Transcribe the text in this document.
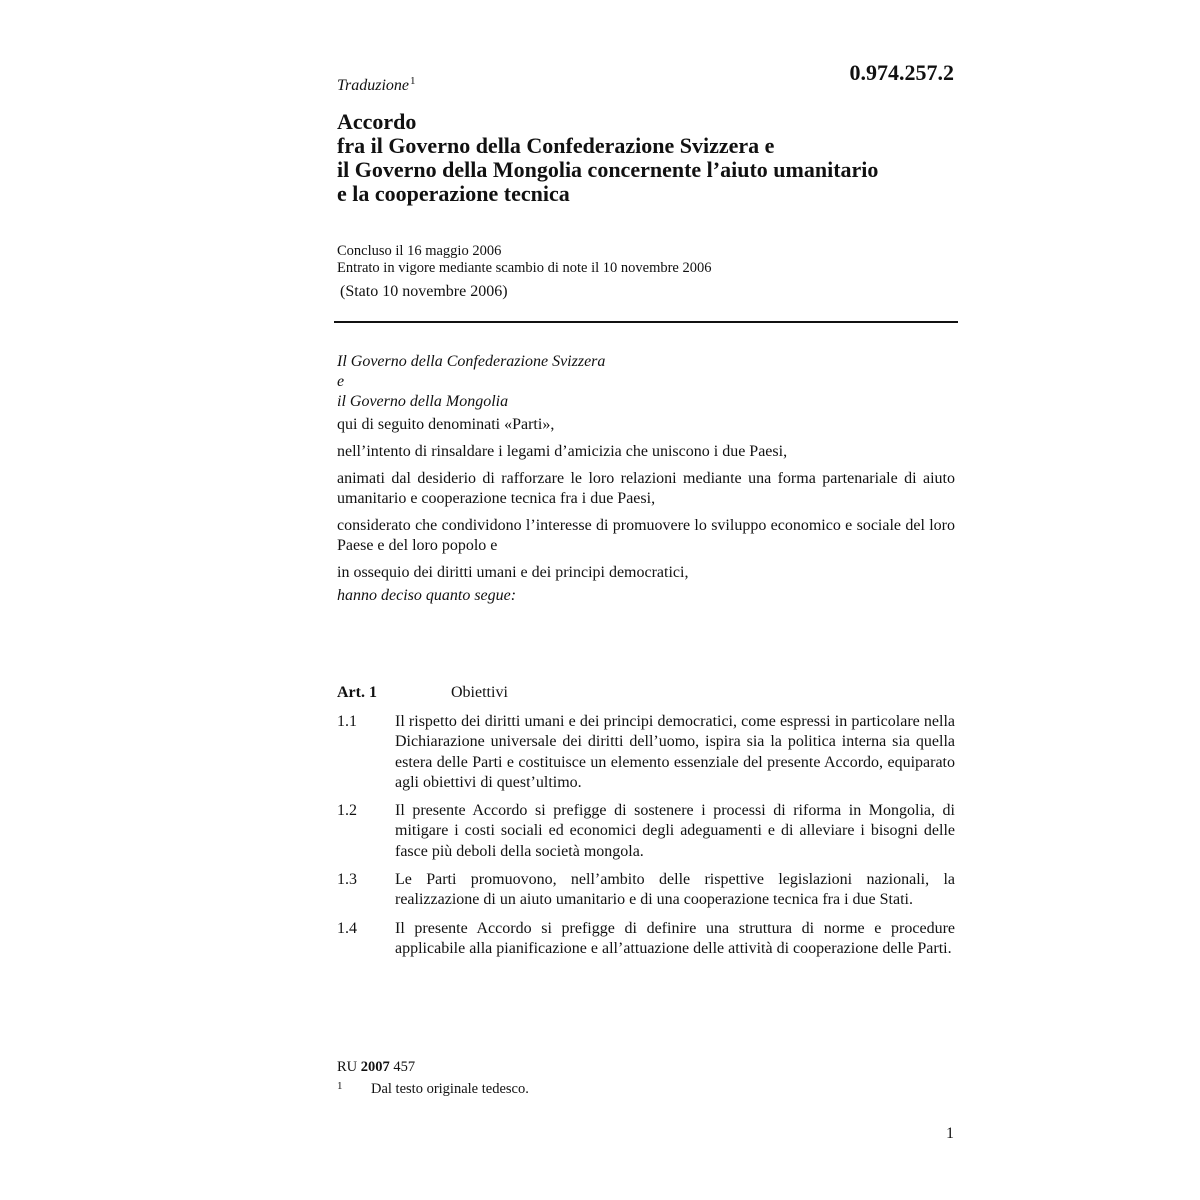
Traduzione$^1$	0.974.257.2
Accordo
fra il Governo della Confederazione Svizzera e
il Governo della Mongolia concernente l’aiuto umanitario
e la cooperazione tecnica
Concluso il 16 maggio 2006
Entrato in vigore mediante scambio di note il 10 novembre 2006
(Stato 10 novembre 2006)

Il Governo della Confederazione Svizzera

e

il Governo della Mongolia

qui di seguito denominati «Parti»,

nell’intento di rinsaldare i legami d’amicizia che uniscono i due Paesi,

animati dal desiderio di rafforzare le loro relazioni mediante una forma partenariale di aiuto umanitario e cooperazione tecnica fra i due Paesi,

considerato che condividono l’interesse di promuovere lo sviluppo economico e sociale del loro Paese e del loro popolo e

in ossequio dei diritti umani e dei principi democratici,

hanno deciso quanto segue:

Art. 1	Obiettivi
1.1	Il rispetto dei diritti umani e dei principi democratici, come espressi in particolare nella Dichiarazione universale dei diritti dell’uomo, ispira sia la politica interna sia quella estera delle Parti e costituisce un elemento essenziale del presente Accordo, equiparato agli obiettivi di quest’ultimo.
1.2	Il presente Accordo si prefigge di sostenere i processi di riforma in Mongolia, di mitigare i costi sociali ed economici degli adeguamenti e di alleviare i bisogni delle fasce più deboli della società mongola.
1.3	Le Parti promuovono, nell’ambito delle rispettive legislazioni nazionali, la realizzazione di un aiuto umanitario e di una cooperazione tecnica fra i due Stati.
1.4	Il presente Accordo si prefigge di definire una struttura di norme e procedure applicabile alla pianificazione e all’attuazione delle attività di cooperazione delle Parti.
RU 2007 457
1 Dal testo originale tedesco.
1
